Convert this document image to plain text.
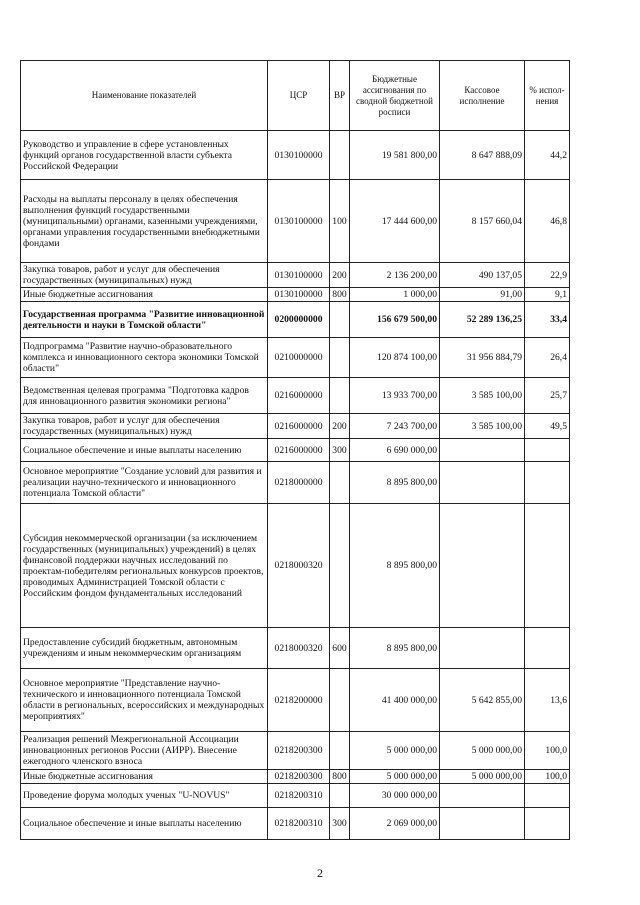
Наименование показателей	ЦСР	ВР	Бюджетные ассигнования по сводной бюджетной росписи	Кассовое исполнение	% испол-нения
Руководство и управление в сфере установленных функций органов государственной власти субъекта Российской Федерации	0130100000		19 581 800,00	8 647 888,09	44,2
Расходы на выплаты персоналу в целях обеспечения выполнения функций государственными (муниципальными) органами, казенными учреждениями, органами управления государственными внебюджетными фондами	0130100000	100	17 444 600,00	8 157 660,04	46,8
Закупка товаров, работ и услуг для обеспечения государственных (муниципальных) нужд	0130100000	200	2 136 200,00	490 137,05	22,9
Иные бюджетные ассигнования	0130100000	800	1 000,00	91,00	9,1
Государственная программа "Развитие инновационной деятельности и науки в Томской области"	0200000000		156 679 500,00	52 289 136,25	33,4
Подпрограмма "Развитие научно-образовательного комплекса и инновационного сектора экономики Томской области"	0210000000		120 874 100,00	31 956 884,79	26,4
Ведомственная целевая программа "Подготовка кадров для инновационного развития экономики региона"	0216000000		13 933 700,00	3 585 100,00	25,7
Закупка товаров, работ и услуг для обеспечения государственных (муниципальных) нужд	0216000000	200	7 243 700,00	3 585 100,00	49,5
Социальное обеспечение и иные выплаты населению	0216000000	300	6 690 000,00		
Основное мероприятие "Создание условий для развития и реализации научно-технического и инновационного потенциала Томской области"	0218000000		8 895 800,00		
Субсидия некоммерческой организации (за исключением государственных (муниципальных) учреждений) в целях финансовой поддержки научных исследований по проектам-победителям региональных конкурсов проектов, проводимых Администрацией Томской области с Российским фондом фундаментальных исследований	0218000320		8 895 800,00		
Предоставление субсидий бюджетным, автономным учреждениям и иным некоммерческим организациям	0218000320	600	8 895 800,00		
Основное мероприятие "Представление научно-технического и инновационного потенциала Томской области в региональных, всероссийских и международных мероприятиях"	0218200000		41 400 000,00	5 642 855,00	13,6
Реализация решений Межрегиональной Ассоциации инновационных регионов России (АИРР). Внесение ежегодного членского взноса	0218200300		5 000 000,00	5 000 000,00	100,0
Иные бюджетные ассигнования	0218200300	800	5 000 000,00	5 000 000,00	100,0
Проведение форума молодых ученых "U-NOVUS"	0218200310		30 000 000,00		
Социальное обеспечение и иные выплаты населению	0218200310	300	2 069 000,00		
2
